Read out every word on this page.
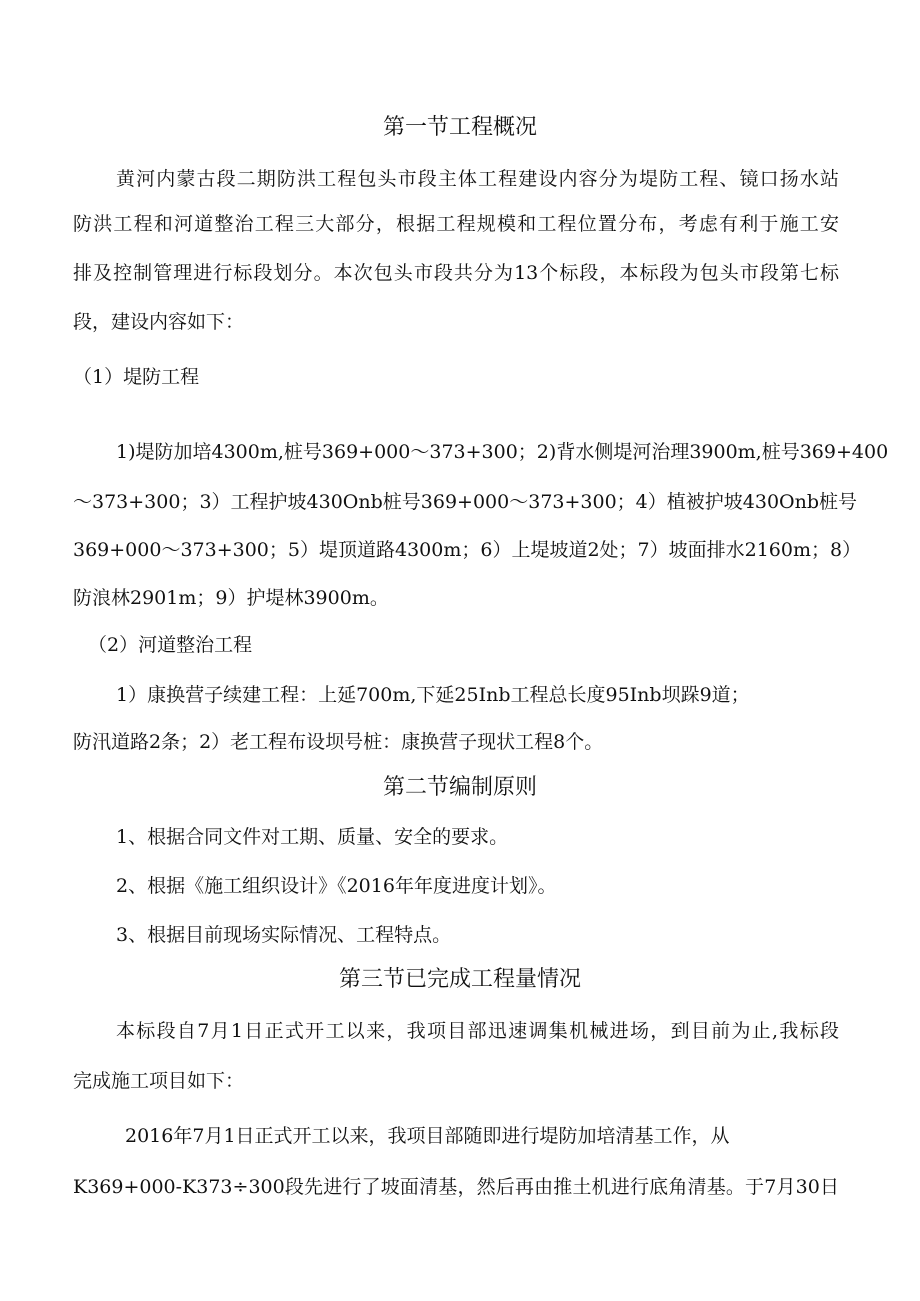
第一节工程概况
黄河内蒙古段二期防洪工程包头市段主体工程建设内容分为堤防工程、镜口扬水站
防洪工程和河道整治工程三大部分，根据工程规模和工程位置分布，考虑有利于施工安
排及控制管理进行标段划分。本次包头市段共分为13个标段，本标段为包头市段第七标
段，建设内容如下：
（1）堤防工程
1)堤防加培4300m,桩号369+000～373+300；2)背水侧堤河治理3900m,桩号369+400
～373+300；3）工程护坡430Onb桩号369+000～373+300；4）植被护坡430Onb桩号
369+000～373+300；5）堤顶道路4300m；6）上堤坡道2处；7）坡面排水2160m；8）
防浪林2901m；9）护堤林3900m。
（2）河道整治工程
1）康换营子续建工程：上延700m,下延25Inb工程总长度95Inb坝跺9道；
防汛道路2条；2）老工程布设坝号桩：康换营子现状工程8个。
第二节编制原则
1、根据合同文件对工期、质量、安全的要求。
2、根据《施工组织设计》《2016年年度进度计划》。
3、根据目前现场实际情况、工程特点。
第三节已完成工程量情况
本标段自7月1日正式开工以来，我项目部迅速调集机械进场，到目前为止,我标段
完成施工项目如下：
2016年7月1日正式开工以来，我项目部随即进行堤防加培清基工作，从
K369+000-K373÷300段先进行了坡面清基，然后再由推土机进行底角清基。于7月30日
